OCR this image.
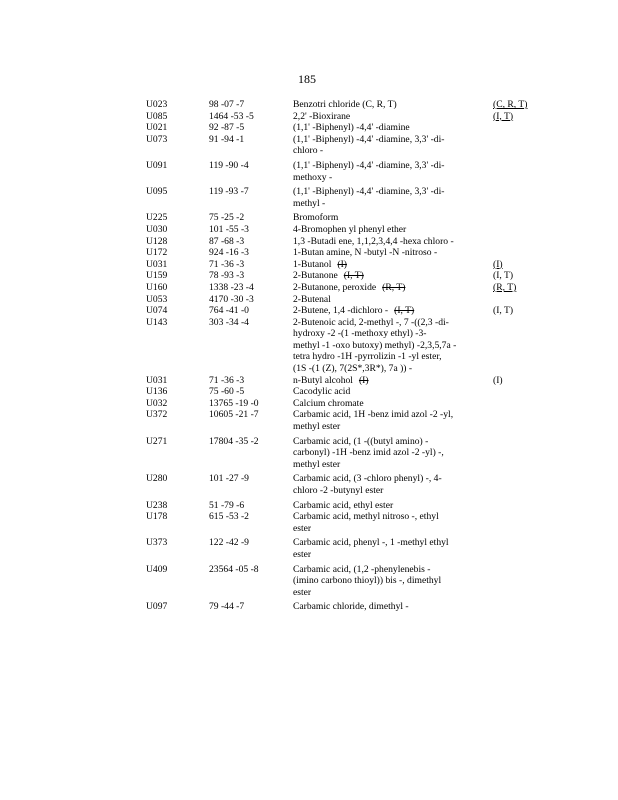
185
U023	98 -07 -7	Benzotri chloride (C, R, T)	(C, R, T)
U085	1464 -53 -5	2,2' -Bioxirane	(I, T)
U021	92 -87 -5	(1,1' -Biphenyl) -4,4' -diamine
U073	91 -94 -1	(1,1' -Biphenyl) -4,4' -diamine, 3,3' -di-
chloro -
U091	119 -90 -4	(1,1' -Biphenyl) -4,4' -diamine, 3,3' -di-
methoxy -
U095	119 -93 -7	(1,1' -Biphenyl) -4,4' -diamine, 3,3' -di-
methyl -
U225	75 -25 -2	Bromoform
U030	101 -55 -3	4-Bromophen yl phenyl ether
U128	87 -68 -3	1,3 -Butadi ene, 1,1,2,3,4,4 -hexa chloro -
U172	924 -16 -3	1-Butan amine, N -butyl -N -nitroso -
U031	71 -36 -3	1-Butanol (I)	(I)
U159	78 -93 -3	2-Butanone (I, T)	(I, T)
U160	1338 -23 -4	2-Butanone, peroxide (R, T)	(R, T)
U053	4170 -30 -3	2-Butenal
U074	764 -41 -0	2-Butene, 1,4 -dichloro - (I, T)	(I, T)
U143	303 -34 -4	2-Butenoic acid, 2-methyl -, 7 -((2,3 -di-
hydroxy -2 -(1 -methoxy ethyl) -3-
methyl -1 -oxo butoxy) methyl) -2,3,5,7a -
tetra hydro -1H -pyrrolizin -1 -yl ester,
(1S -(1 (Z), 7(2S*,3R*), 7a )) -
U031	71 -36 -3	n-Butyl alcohol (I)	(I)
U136	75 -60 -5	Cacodylic acid
U032	13765 -19 -0	Calcium chromate
U372	10605 -21 -7	Carbamic acid, 1H -benz imid azol -2 -yl,
methyl ester
U271	17804 -35 -2	Carbamic acid, (1 -((butyl amino) -
carbonyl) -1H -benz imid azol -2 -yl) -,
methyl ester
U280	101 -27 -9	Carbamic acid, (3 -chloro phenyl) -, 4-
chloro -2 -butynyl ester
U238	51 -79 -6	Carbamic acid, ethyl ester
U178	615 -53 -2	Carbamic acid, methyl nitroso -, ethyl
ester
U373	122 -42 -9	Carbamic acid, phenyl -, 1 -methyl ethyl
ester
U409	23564 -05 -8	Carbamic acid, (1,2 -phenylenebis -
(imino carbono thioyl)) bis -, dimethyl
ester
U097	79 -44 -7	Carbamic chloride, dimethyl -
